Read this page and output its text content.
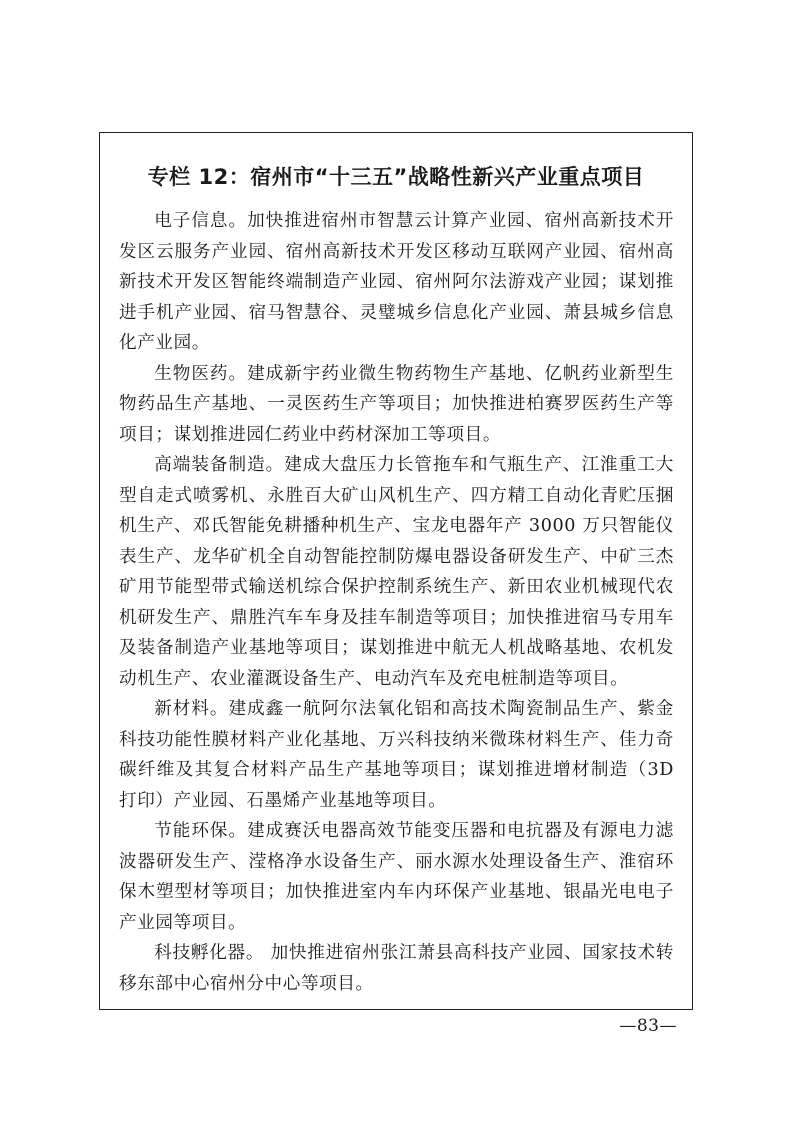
专栏 12：宿州市“十三五”战略性新兴产业重点项目

电子信息。加快推进宿州市智慧云计算产业园、宿州高新技术开发区云服务产业园、宿州高新技术开发区移动互联网产业园、宿州高新技术开发区智能终端制造产业园、宿州阿尔法游戏产业园；谋划推进手机产业园、宿马智慧谷、灵璧城乡信息化产业园、萧县城乡信息化产业园。

生物医药。建成新宇药业微生物药物生产基地、亿帆药业新型生物药品生产基地、一灵医药生产等项目；加快推进柏赛罗医药生产等项目；谋划推进园仁药业中药材深加工等项目。

高端装备制造。建成大盘压力长管拖车和气瓶生产、江淮重工大型自走式喷雾机、永胜百大矿山风机生产、四方精工自动化青贮压捆机生产、邓氏智能免耕播种机生产、宝龙电器年产 3000 万只智能仪表生产、龙华矿机全自动智能控制防爆电器设备研发生产、中矿三杰矿用节能型带式输送机综合保护控制系统生产、新田农业机械现代农机研发生产、鼎胜汽车车身及挂车制造等项目；加快推进宿马专用车及装备制造产业基地等项目；谋划推进中航无人机战略基地、农机发动机生产、农业灌溉设备生产、电动汽车及充电桩制造等项目。

新材料。建成鑫一航阿尔法氧化铝和高技术陶瓷制品生产、紫金科技功能性膜材料产业化基地、万兴科技纳米微珠材料生产、佳力奇碳纤维及其复合材料产品生产基地等项目；谋划推进增材制造（3D 打印）产业园、石墨烯产业基地等项目。

节能环保。建成赛沃电器高效节能变压器和电抗器及有源电力滤波器研发生产、滢格净水设备生产、丽水源水处理设备生产、淮宿环保木塑型材等项目；加快推进室内车内环保产业基地、银晶光电电子产业园等项目。

科技孵化器。 加快推进宿州张江萧县高科技产业园、国家技术转移东部中心宿州分中心等项目。

—83—
